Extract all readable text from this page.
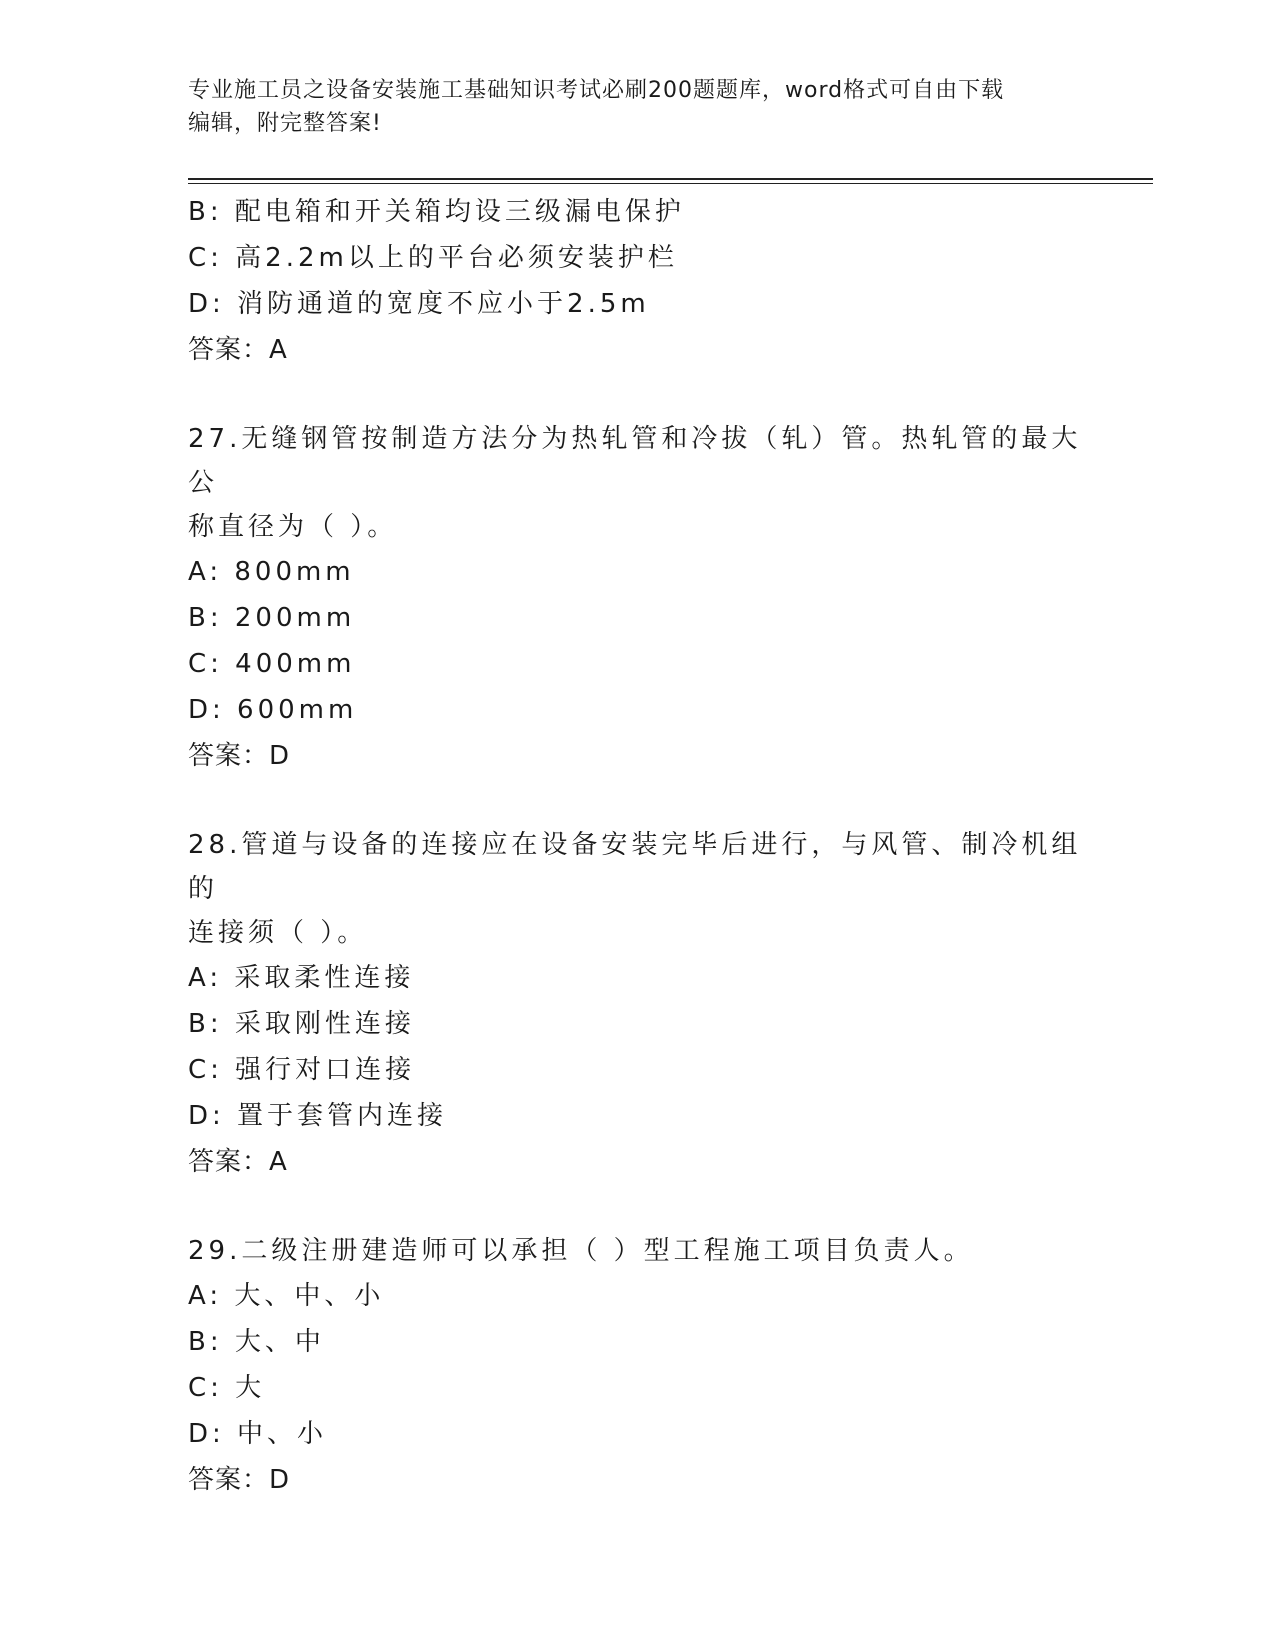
专业施工员之设备安装施工基础知识考试必刷200题题库，word格式可自由下载
编辑，附完整答案!
B: 配电箱和开关箱均设三级漏电保护
C: 高2.2m以上的平台必须安装护栏
D: 消防通道的宽度不应小于2.5m
答案：A
27.无缝钢管按制造方法分为热轧管和冷拔（轧）管。热轧管的最大公
称直径为（ ）。
A: 800mm
B: 200mm
C: 400mm
D: 600mm
答案：D
28.管道与设备的连接应在设备安装完毕后进行，与风管、制冷机组的
连接须（ ）。
A: 采取柔性连接
B: 采取刚性连接
C: 强行对口连接
D: 置于套管内连接
答案：A
29.二级注册建造师可以承担（ ）型工程施工项目负责人。
A: 大、中、小
B: 大、中
C: 大
D: 中、小
答案：D
